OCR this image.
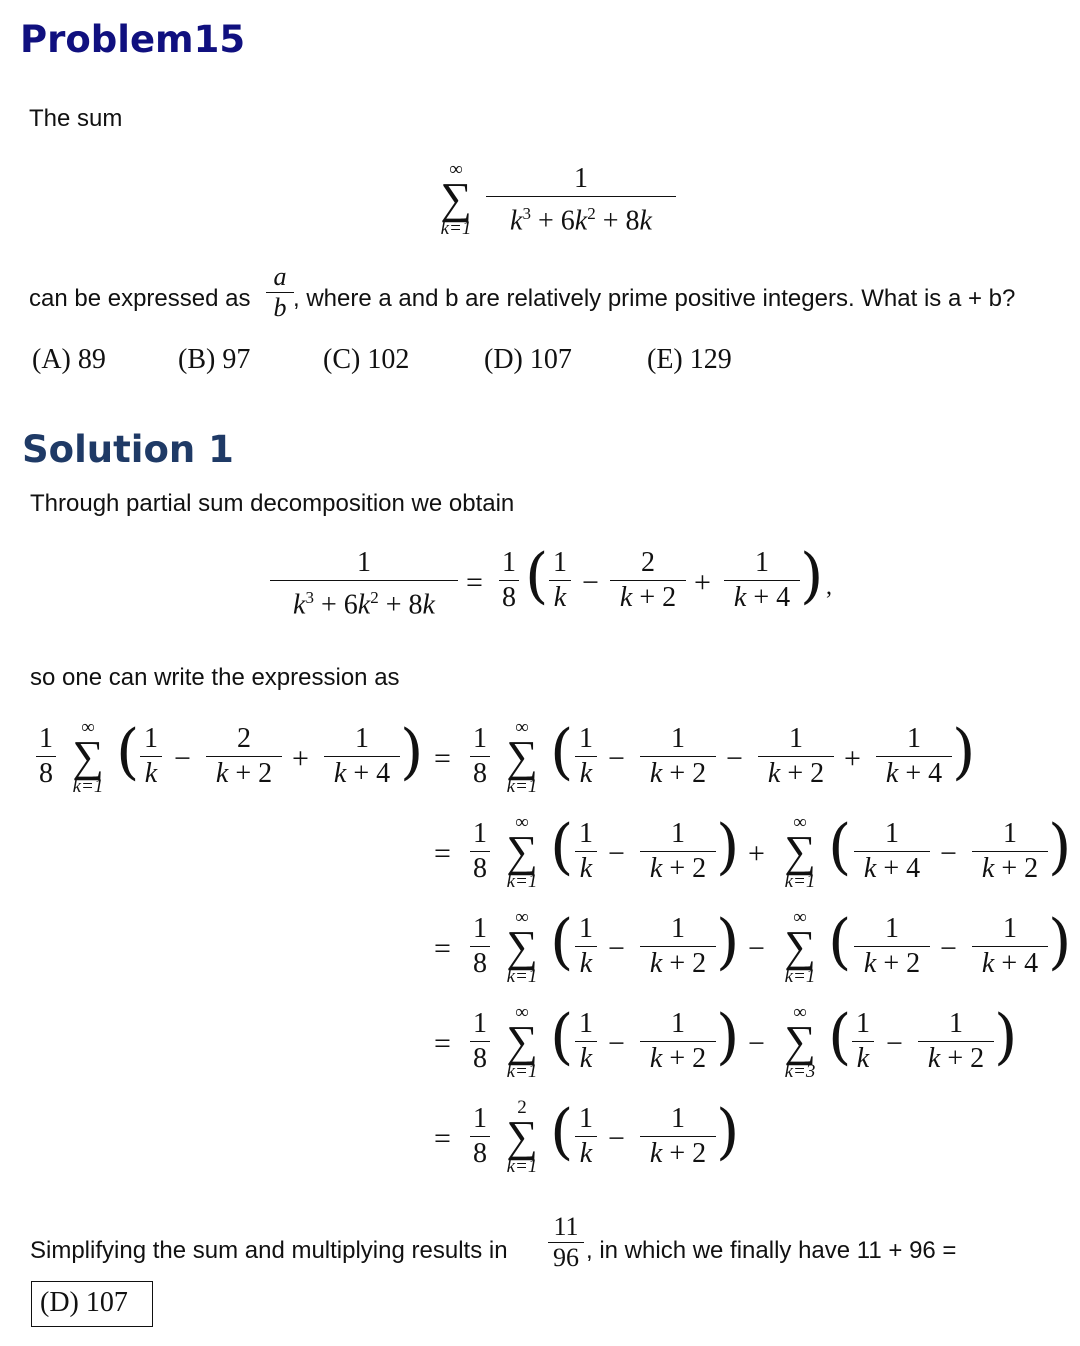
Problem15
The sum
∞
∑
k=1
1
$k^3 + 6k^2 + 8k$
can be expressed as
a
b , where a and b are relatively prime positive integers. What is a + b?
(A) 89	(B) 97	(C) 102	(D) 107	(E) 129
Solution 1
Through partial sum decomposition we obtain
1
$k^3 + 6k^2 + 8k$
=
1
8 ( 1
k −
2
k + 2 +
1
k + 4 ) ,
so one can write the expression as
1
8
∞
∑
k=1 ( 1
k −
2
k + 2 +
1
k + 4 ) =
1
8
∞
∑
k=1 ( 1
k −
1
k + 2 −
1
k + 2 +
1
k + 4 )
=
1
8
∞
∑
k=1 ( 1
k −
1
k + 2 ) +
∞
∑
k=1 (	1
k + 4 −
1
k + 2 )
=
1
8
∞
∑
k=1 ( 1
k −
1
k + 2 ) −
∞
∑
k=1 (	1
k + 2 −
1
k + 4 )
=
1
8
∞
∑
k=1 ( 1
k −
1
k + 2 ) −
∞
∑
k=3 ( 1
k −
1
k + 2 )
=
1
8
2
∑
k=1 ( 1
k −
1
k + 2 )
Simplifying the sum and multiplying results in
11
96 , in which we finally have 11 + 96 =
(D) 107
